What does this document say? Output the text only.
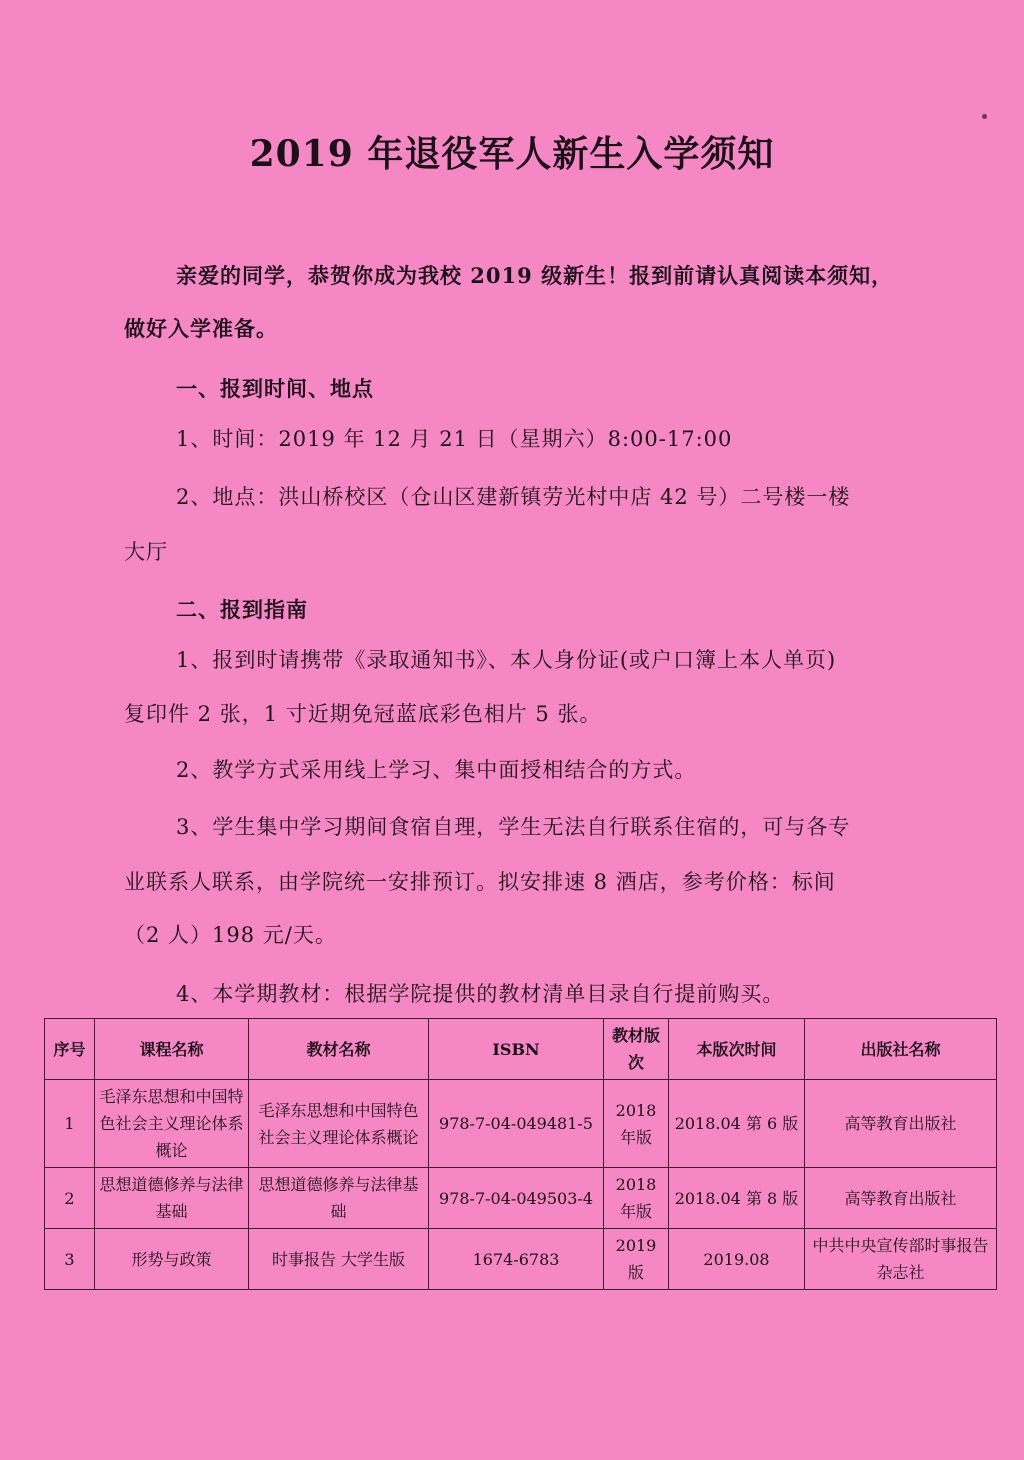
2019 年退役军人新生入学须知
亲爱的同学，恭贺你成为我校 2019 级新生！报到前请认真阅读本须知，
做好入学准备。
一、报到时间、地点
1、时间：2019 年 12 月 21 日（星期六）8:00-17:00
2、地点：洪山桥校区（仓山区建新镇劳光村中店 42 号）二号楼一楼
大厅
二、报到指南
1、报到时请携带《录取通知书》、本人身份证(或户口簿上本人单页)
复印件 2 张，1 寸近期免冠蓝底彩色相片 5 张。
2、教学方式采用线上学习、集中面授相结合的方式。
3、学生集中学习期间食宿自理，学生无法自行联系住宿的，可与各专
业联系人联系，由学院统一安排预订。拟安排速 8 酒店，参考价格：标间
（2 人）198 元/天。
4、本学期教材：根据学院提供的教材清单目录自行提前购买。
序号	课程名称	教材名称	ISBN	教材版次	本版次时间	出版社名称
1	毛泽东思想和中国特色社会主义理论体系概论	毛泽东思想和中国特色社会主义理论体系概论	978-7-04-049481-5	2018 年版	2018.04 第 6 版	高等教育出版社
2	思想道德修养与法律基础	思想道德修养与法律基础	978-7-04-049503-4	2018 年版	2018.04 第 8 版	高等教育出版社
3	形势与政策	时事报告 大学生版	1674-6783	2019 版	2019.08	中共中央宣传部时事报告杂志社
